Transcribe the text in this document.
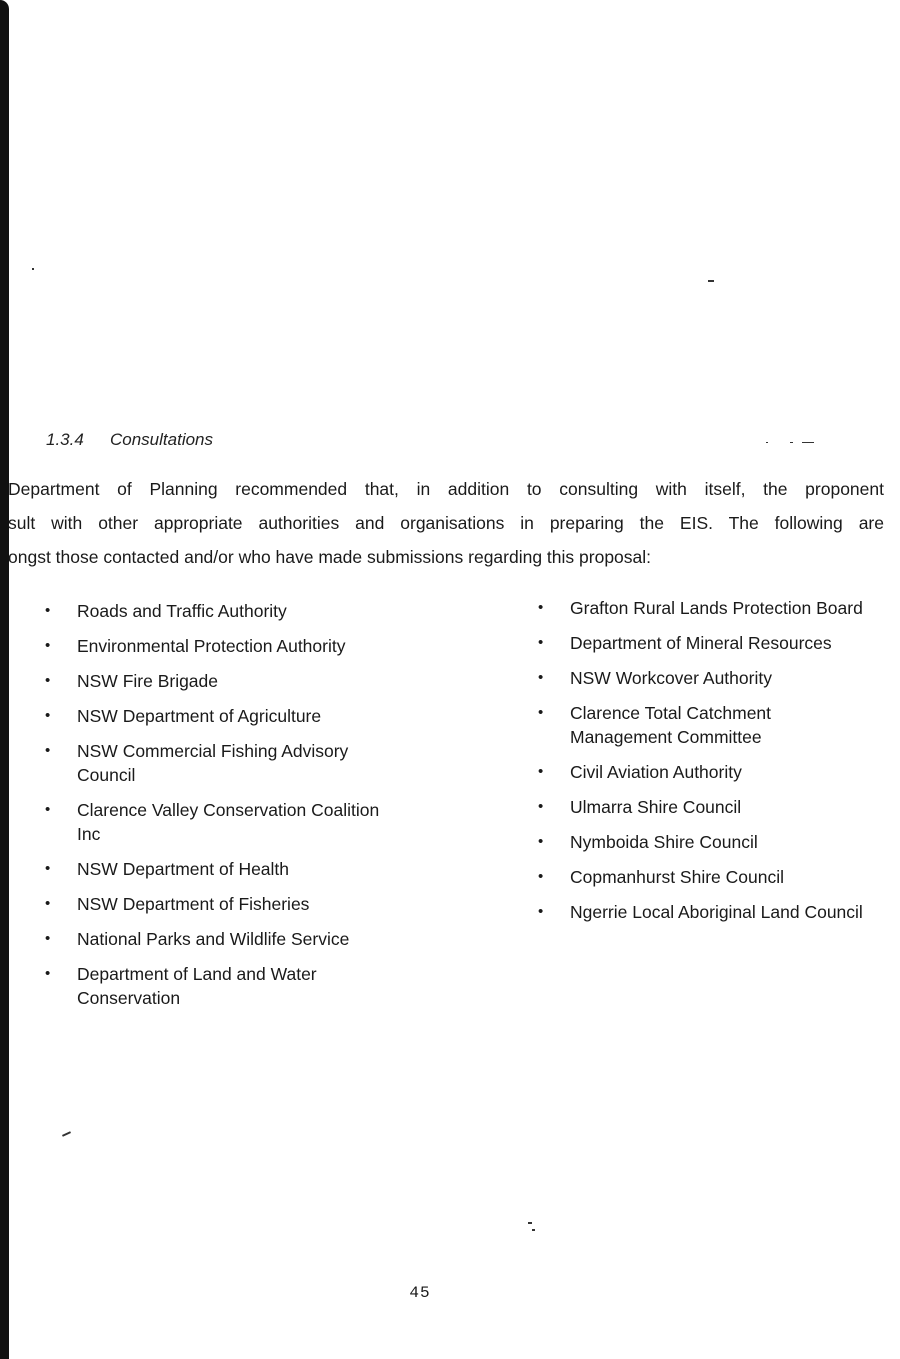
1.3.4 Consultations
Department of Planning recommended that, in addition to consulting with itself, the proponent
sult with other appropriate authorities and organisations in preparing the EIS. The following are
ongst those contacted and/or who have made submissions regarding this proposal:
• Roads and Traffic Authority
• Environmental Protection Authority
• NSW Fire Brigade
• NSW Department of Agriculture
• NSW Commercial Fishing Advisory Council
• Clarence Valley Conservation Coalition Inc
• NSW Department of Health
• NSW Department of Fisheries
• National Parks and Wildlife Service
• Department of Land and Water Conservation
• Grafton Rural Lands Protection Board
• Department of Mineral Resources
• NSW Workcover Authority
• Clarence Total Catchment Management Committee
• Civil Aviation Authority
• Ulmarra Shire Council
• Nymboida Shire Council
• Copmanhurst Shire Council
• Ngerrie Local Aboriginal Land Council
45
